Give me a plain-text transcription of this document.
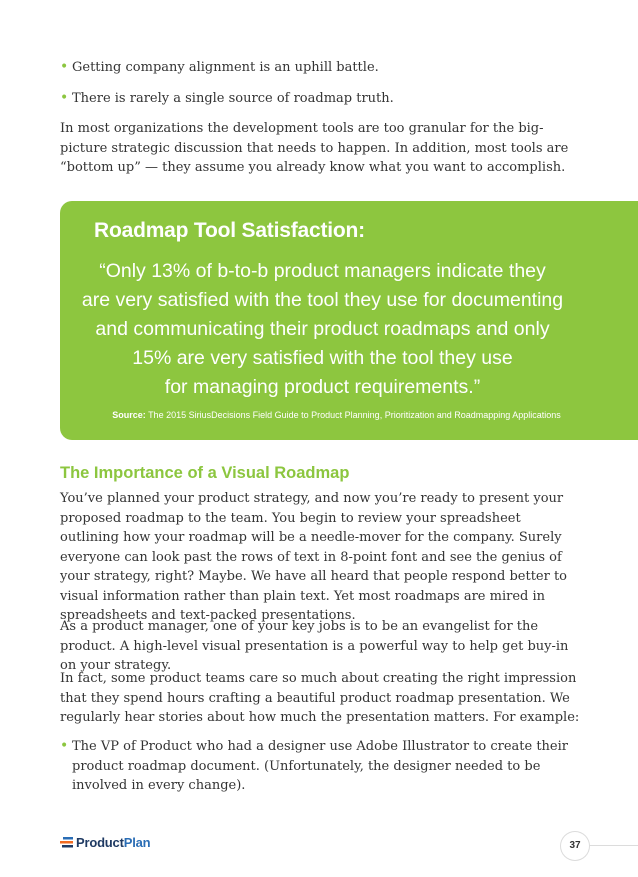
• Getting company alignment is an uphill battle.
• There is rarely a single source of roadmap truth.

In most organizations the development tools are too granular for the big-picture strategic discussion that needs to happen. In addition, most tools are “bottom up” — they assume you already know what you want to accomplish.

Roadmap Tool Satisfaction:

“Only 13% of b-to-b product managers indicate they
are very satisfied with the tool they use for documenting
and communicating their product roadmaps and only
15% are very satisfied with the tool they use
for managing product requirements.”

Source: The 2015 SiriusDecisions Field Guide to Product Planning, Prioritization and Roadmapping Applications
The Importance of a Visual Roadmap

You’ve planned your product strategy, and now you’re ready to present your proposed roadmap to the team. You begin to review your spreadsheet outlining how your roadmap will be a needle-mover for the company. Surely everyone can look past the rows of text in 8-point font and see the genius of your strategy, right? Maybe. We have all heard that people respond better to visual information rather than plain text. Yet most roadmaps are mired in spreadsheets and text-packed presentations.

As a product manager, one of your key jobs is to be an evangelist for the product. A high-level visual presentation is a powerful way to help get buy-in on your strategy.

In fact, some product teams care so much about creating the right impression that they spend hours crafting a beautiful product roadmap presentation. We regularly hear stories about how much the presentation matters. For example:

• The VP of Product who had a designer use Adobe Illustrator to create their product roadmap document. (Unfortunately, the designer needed to be involved in every change).
ProductPlan	37
